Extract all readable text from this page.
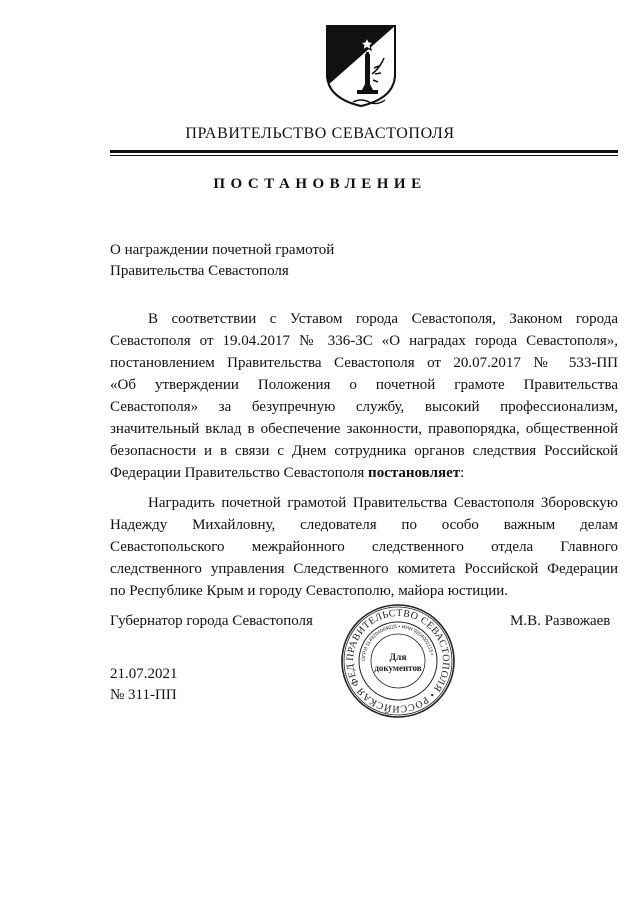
ПРАВИТЕЛЬСТВО СЕВАСТОПОЛЯ
ПОСТАНОВЛЕНИЕ
О награждении почетной грамотой
Правительства Севастополя
В соответствии с Уставом города Севастополя, Законом города
Севастополя от 19.04.2017 № 336-ЗС «О наградах города Севастополя»,
постановлением Правительства Севастополя от 20.07.2017 № 533-ПП
«Об утверждении Положения о почетной грамоте Правительства
Севастополя» за безупречную службу, высокий профессионализм,
значительный вклад в обеспечение законности, правопорядка, общественной
безопасности и в связи с Днем сотрудника органов следствия Российской
Федерации Правительство Севастополя постановляет:
Наградить почетной грамотой Правительства Севастополя Зборовскую
Надежду Михайловну, следователя по особо важным делам
Севастопольского межрайонного следственного отдела Главного
следственного управления Следственного комитета Российской Федерации
по Республике Крым и городу Севастополю, майора юстиции.
Губернатор города Севастополя	М.В. Развожаев
21.07.2021
№ 311-ПП
ПРАВИТЕЛЬСТВО СЕВАСТОПОЛЯ • РОССИЙСКАЯ ФЕД
ОГРН 1149204004025 • ИНН 9204002115 •
Для
документов
